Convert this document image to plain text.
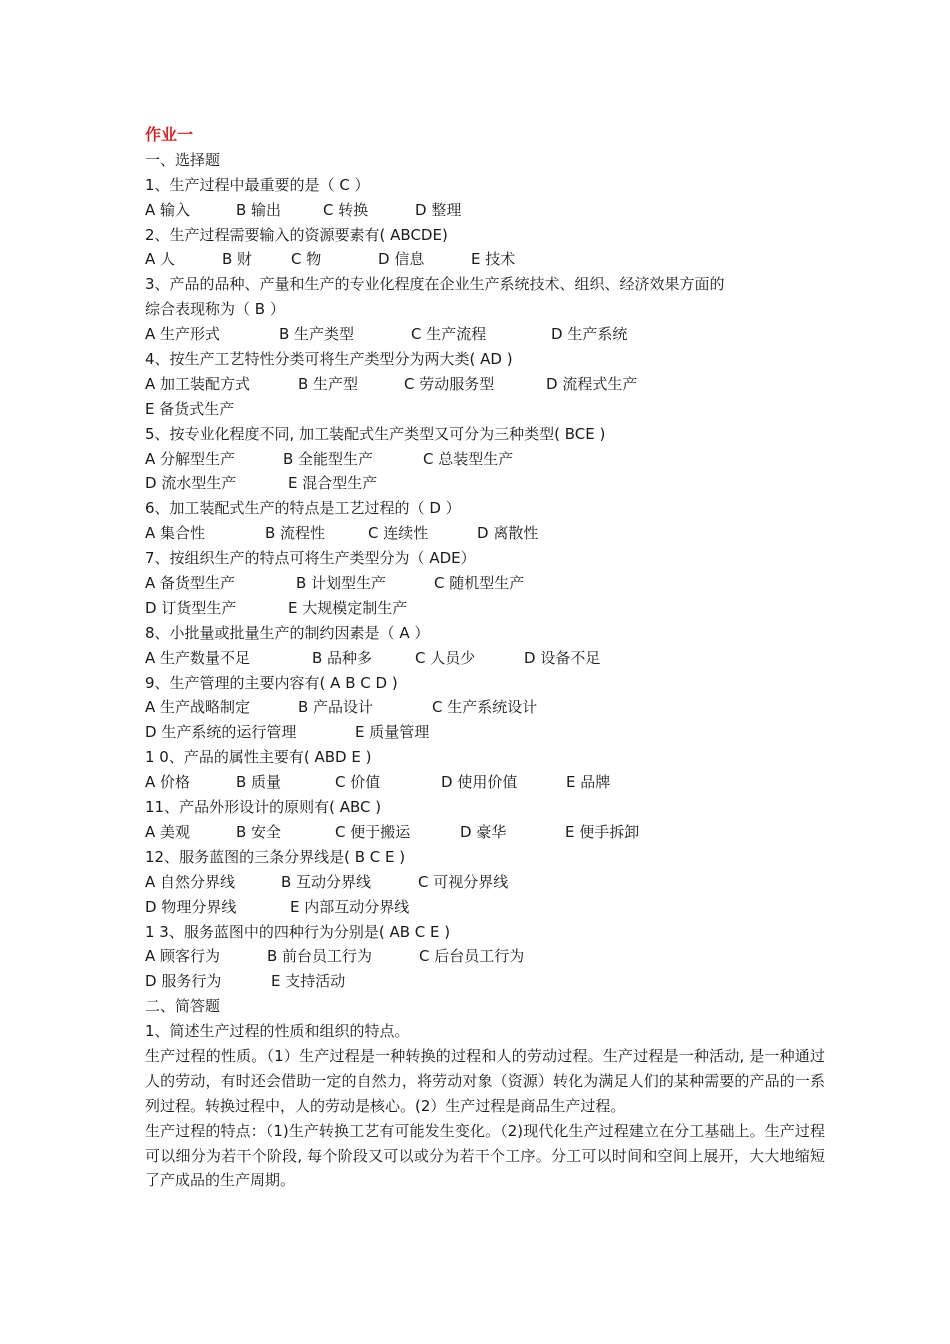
作业一
一、选择题
1、生产过程中最重要的是（ C ）
A 输入	B 输出	C 转换	D 整理
2、生产过程需要输入的资源要素有( ABCDE)
A 人	B 财	C 物	D 信息	E 技术
3、产品的品种、产量和生产的专业化程度在企业生产系统技术、组织、经济效果方面的
综合表现称为（ B ）
A 生产形式	B 生产类型	C 生产流程	D 生产系统
4、按生产工艺特性分类可将生产类型分为两大类( AD )
A 加工装配方式	B 生产型	C 劳动服务型	D 流程式生产
E 备货式生产
5、按专业化程度不同, 加工装配式生产类型又可分为三种类型( BCE )
A 分解型生产	B 全能型生产	C 总装型生产
D 流水型生产	E 混合型生产
6、加工装配式生产的特点是工艺过程的（ D ）
A 集合性	B 流程性	C 连续性	D 离散性
7、按组织生产的特点可将生产类型分为（ ADE）
A 备货型生产	B 计划型生产	C 随机型生产
D 订货型生产	E 大规模定制生产
8、小批量或批量生产的制约因素是（ A ）
A 生产数量不足	B 品种多	C 人员少	D 设备不足
9、生产管理的主要内容有( A B C D )
A 生产战略制定	B 产品设计	C 生产系统设计
D 生产系统的运行管理	E 质量管理
1 0、产品的属性主要有( ABD E )
A 价格	B 质量	C 价值	D 使用价值	E 品牌
11、产品外形设计的原则有( ABC )
A 美观	B 安全	C 便于搬运	D 豪华	E 便手拆卸
12、服务蓝图的三条分界线是( B C E )
A 自然分界线	B 互动分界线	C 可视分界线
D 物理分界线	E 内部互动分界线
1 3、服务蓝图中的四种行为分别是( AB C E )
A 顾客行为	B 前台员工行为	C 后台员工行为
D 服务行为	E 支持活动
二、简答题
1、简述生产过程的性质和组织的特点。
生产过程的性质。（1）生产过程是一种转换的过程和人的劳动过程。生产过程是一种活动, 是一种通过人的劳动，有时还会借助一定的自然力，将劳动对象（资源）转化为满足人们的某种需要的产品的一系列过程。转换过程中，人的劳动是核心。(2）生产过程是商品生产过程。
生产过程的特点：（1)生产转换工艺有可能发生变化。（2)现代化生产过程建立在分工基础上。生产过程可以细分为若干个阶段, 每个阶段又可以或分为若干个工序。分工可以时间和空间上展开，大大地缩短了产成品的生产周期。
